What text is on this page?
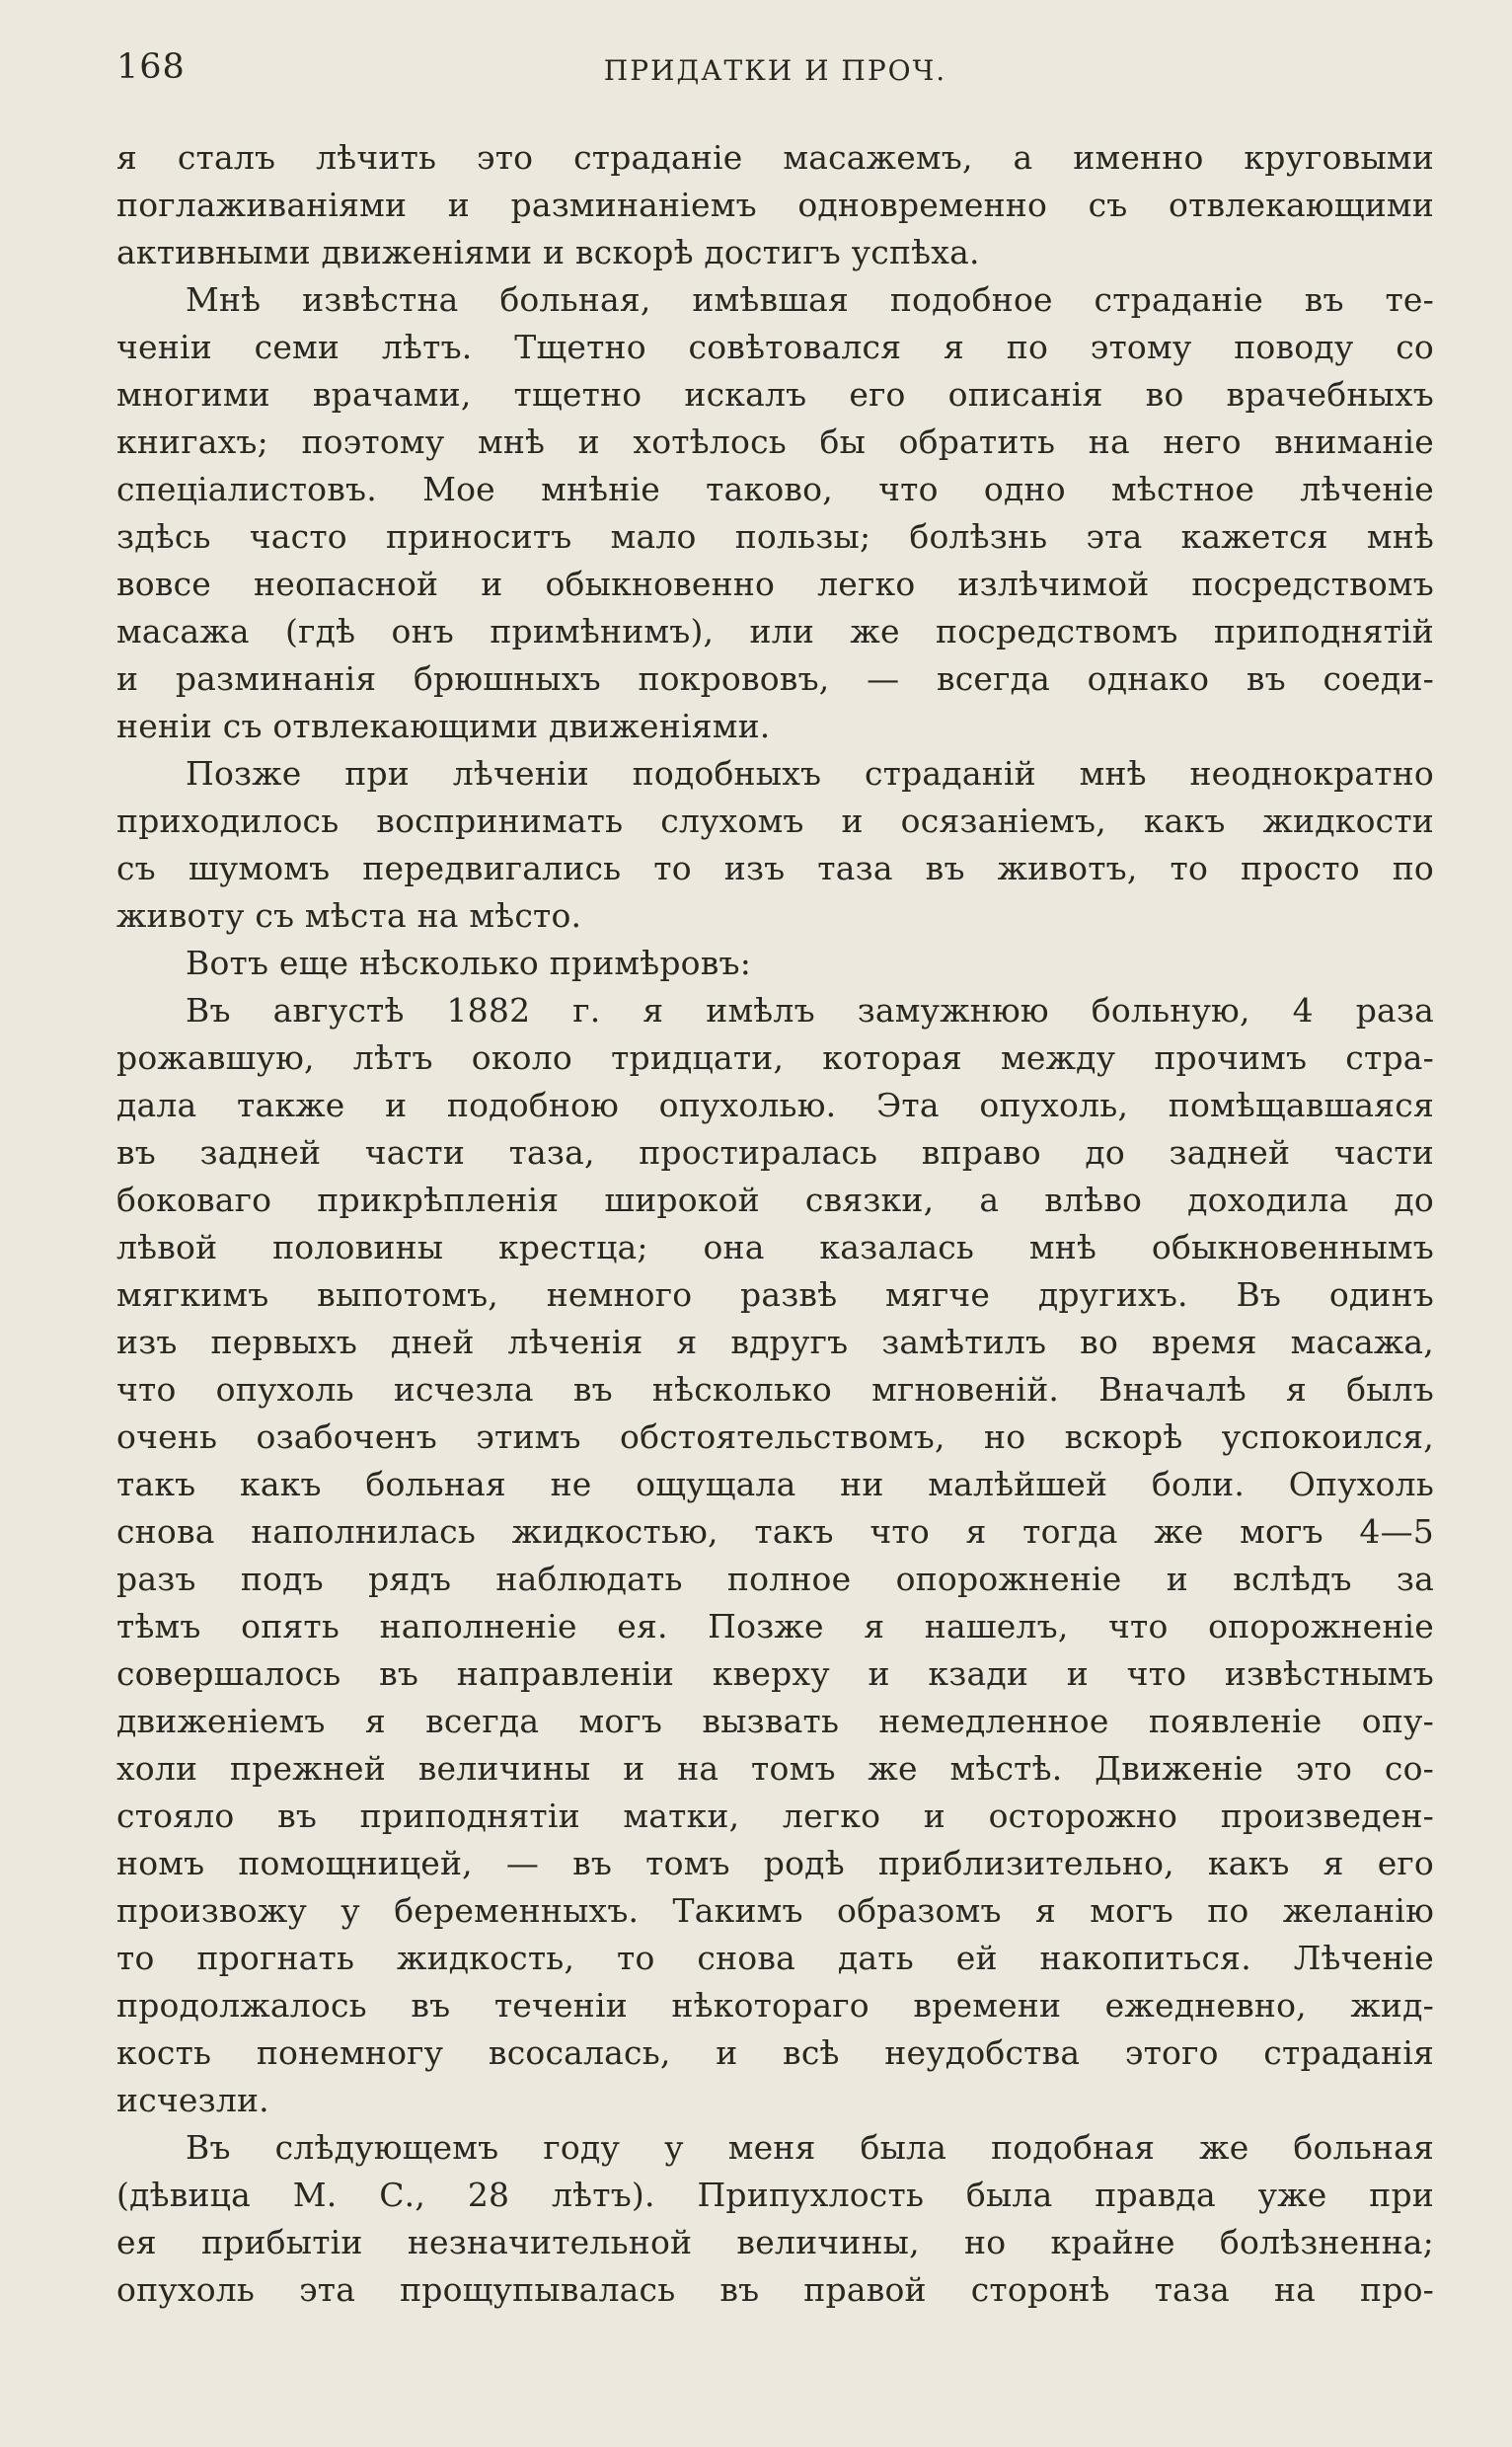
168	ПРИДАТКИ И ПРОЧ.
я сталъ лѣчить это страданіе масажемъ, а именно круговыми
поглаживаніями и разминаніемъ одновременно съ отвлекающими
активными движеніями и вскорѣ достигъ успѣха.
Мнѣ извѣстна больная, имѣвшая подобное страданіе въ те-
ченіи семи лѣтъ. Тщетно совѣтовался я по этому поводу со
многими врачами, тщетно искалъ его описанія во врачебныхъ
книгахъ; поэтому мнѣ и хотѣлось бы обратить на него вниманіе
спеціалистовъ. Мое мнѣніе таково, что одно мѣстное лѣченіе
здѣсь часто приноситъ мало пользы; болѣзнь эта кажется мнѣ
вовсе неопасной и обыкновенно легко излѣчимой посредствомъ
масажа (гдѣ онъ примѣнимъ), или же посредствомъ приподнятій
и разминанія брюшныхъ покрововъ, — всегда однако въ соеди-
неніи съ отвлекающими движеніями.
Позже при лѣченіи подобныхъ страданій мнѣ неоднократно
приходилось воспринимать слухомъ и осязаніемъ, какъ жидкости
съ шумомъ передвигались то изъ таза въ животъ, то просто по
животу съ мѣста на мѣсто.
Вотъ еще нѣсколько примѣровъ:
Въ августѣ 1882 г. я имѣлъ замужнюю больную, 4 раза
рожавшую, лѣтъ около тридцати, которая между прочимъ стра-
дала также и подобною опухолью. Эта опухоль, помѣщавшаяся
въ задней части таза, простиралась вправо до задней части
боковаго прикрѣпленія широкой связки, а влѣво доходила до
лѣвой половины крестца; она казалась мнѣ обыкновеннымъ
мягкимъ выпотомъ, немного развѣ мягче другихъ. Въ одинъ
изъ первыхъ дней лѣченія я вдругъ замѣтилъ во время масажа,
что опухоль исчезла въ нѣсколько мгновеній. Вначалѣ я былъ
очень озабоченъ этимъ обстоятельствомъ, но вскорѣ успокоился,
такъ какъ больная не ощущала ни малѣйшей боли. Опухоль
снова наполнилась жидкостью, такъ что я тогда же могъ 4—5
разъ подъ рядъ наблюдать полное опорожненіе и вслѣдъ за
тѣмъ опять наполненіе ея. Позже я нашелъ, что опорожненіе
совершалось въ направленіи кверху и кзади и что извѣстнымъ
движеніемъ я всегда могъ вызвать немедленное появленіе опу-
холи прежней величины и на томъ же мѣстѣ. Движеніе это со-
стояло въ приподнятіи матки, легко и осторожно произведен-
номъ помощницей, — въ томъ родѣ приблизительно, какъ я его
произвожу у беременныхъ. Такимъ образомъ я могъ по желанію
то прогнать жидкость, то снова дать ей накопиться. Лѣченіе
продолжалось въ теченіи нѣкотораго времени ежедневно, жид-
кость понемногу всосалась, и всѣ неудобства этого страданія
исчезли.
Въ слѣдующемъ году у меня была подобная же больная
(дѣвица М. С., 28 лѣтъ). Припухлость была правда уже при
ея прибытіи незначительной величины, но крайне болѣзненна;
опухоль эта прощупывалась въ правой сторонѣ таза на про-
